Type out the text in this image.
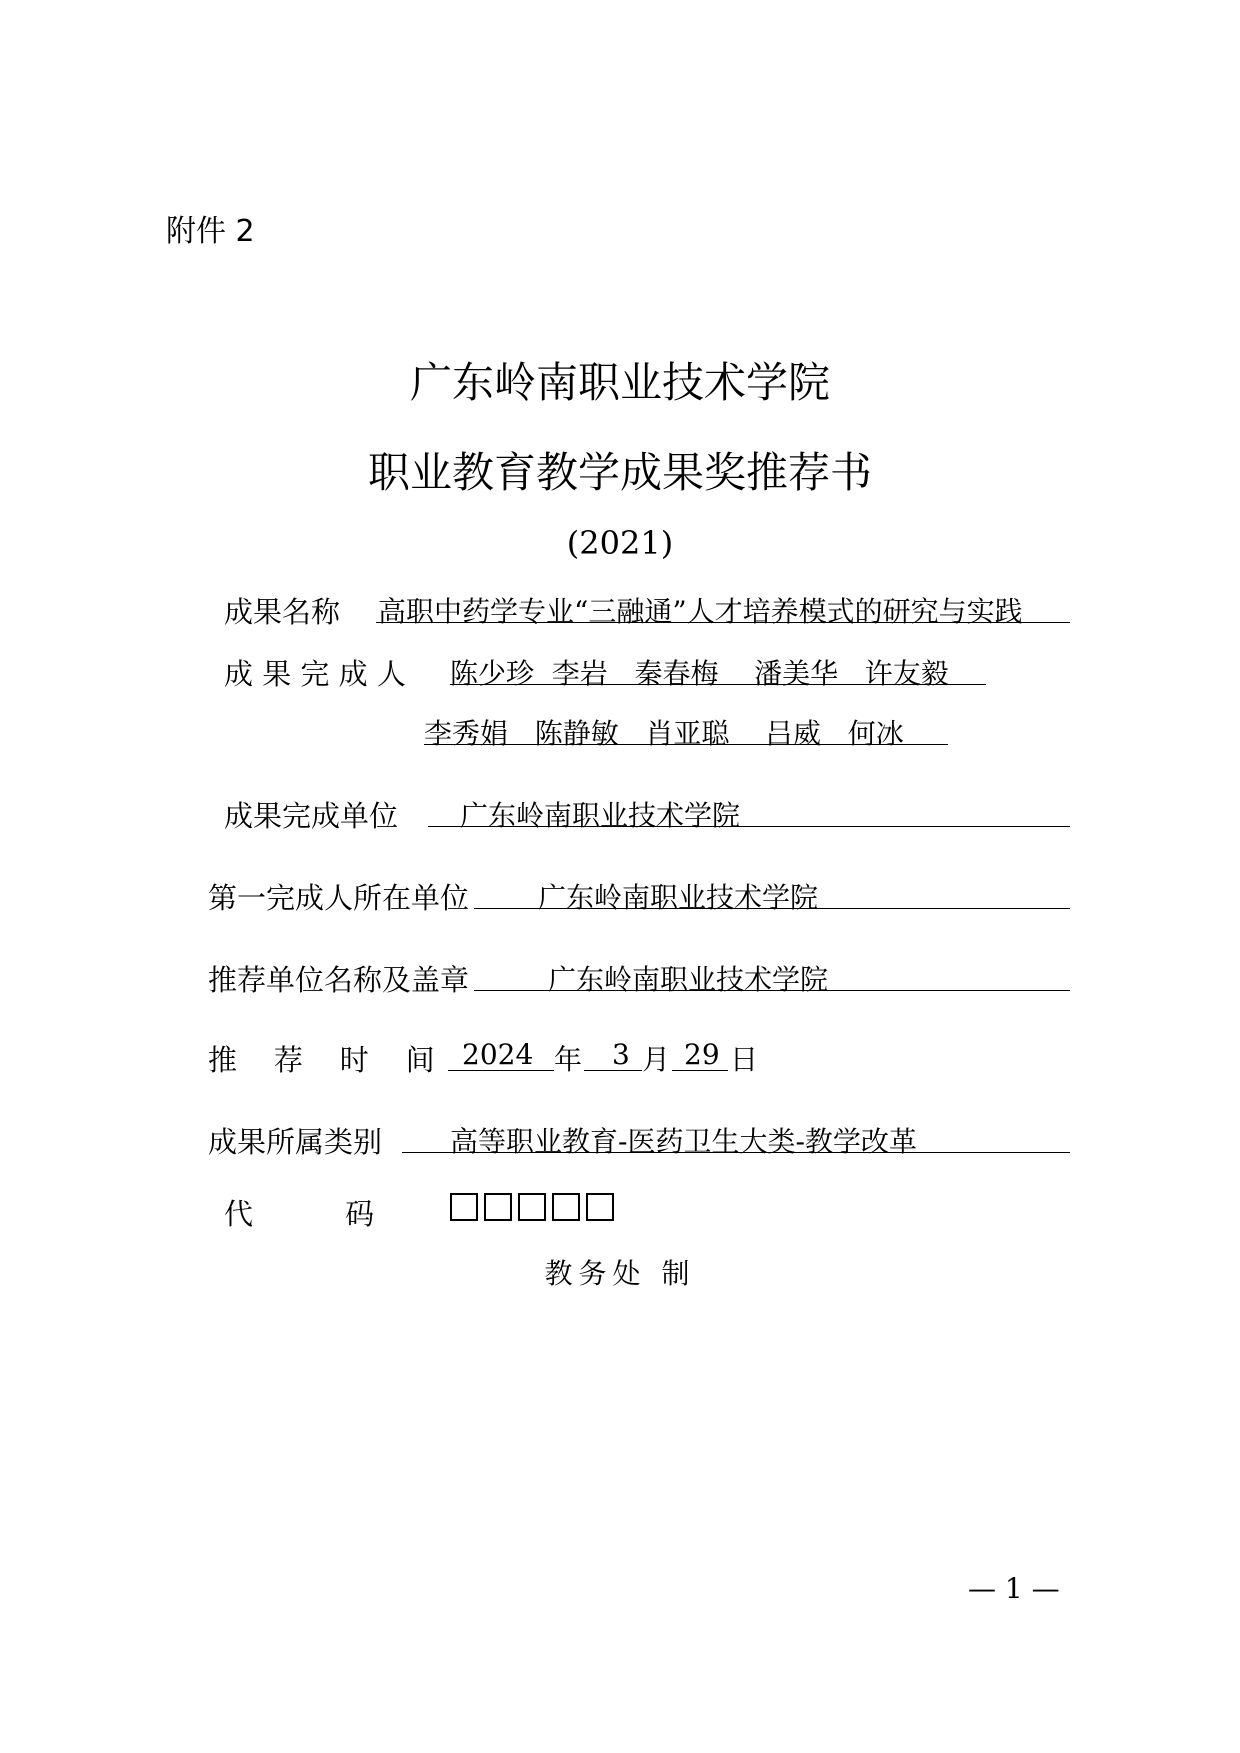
附件 2
广东岭南职业技术学院
职业教育教学成果奖推荐书
(2021)
成果名称 高职中药学专业“三融通”人才培养模式的研究与实践
成 果 完 成 人 陈少珍  李岩   秦春梅    潘美华   许友毅
李秀娟   陈静敏   肖亚聪    吕威   何冰
成果完成单位 广东岭南职业技术学院
第一完成人所在单位 广东岭南职业技术学院
推荐单位名称及盖章	广东岭南职业技术学院
推    荐    时    间 2024 年 3 月 29 日
成果所属类别 高等职业教育-医药卫生大类-教学改革
代          码
教务处 制
— 1 —
